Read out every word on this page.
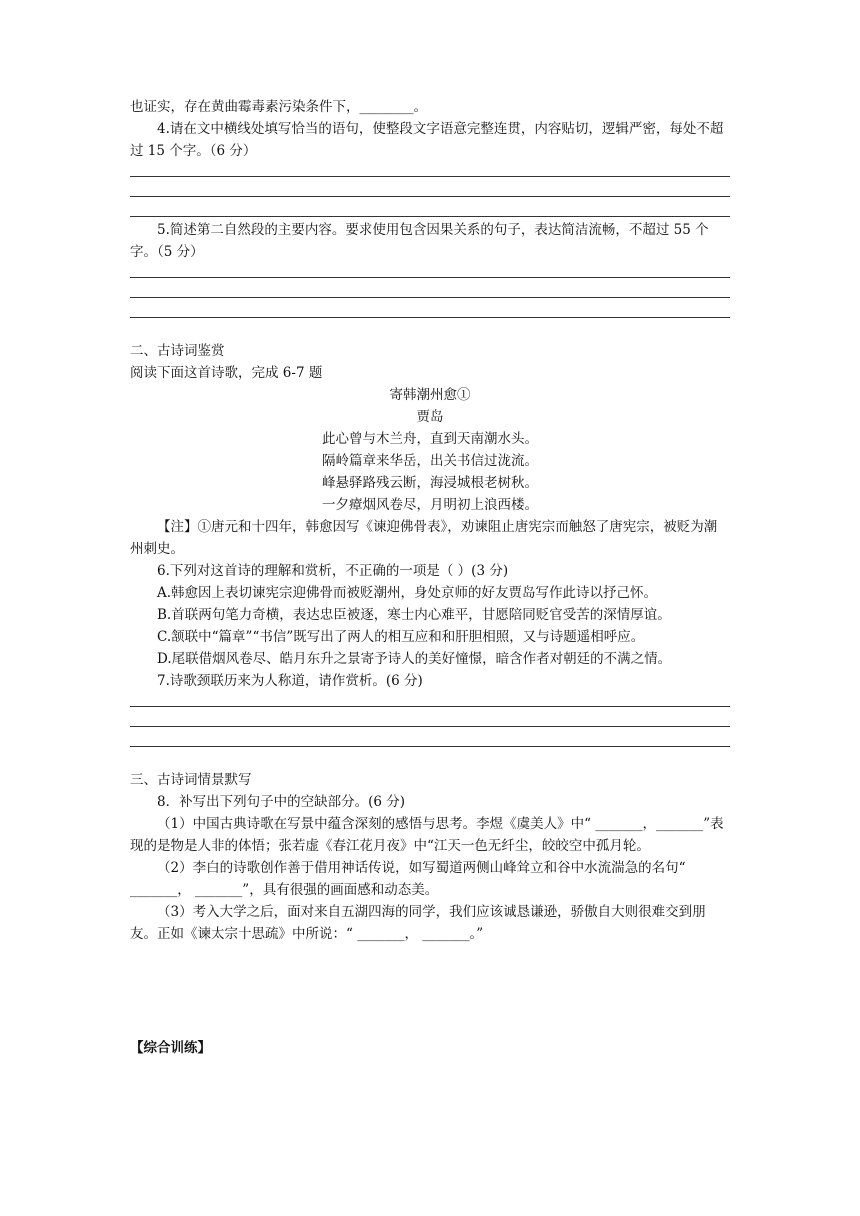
也证实，存在黄曲霉毒素污染条件下，________。

4.请在文中横线处填写恰当的语句，使整段文字语意完整连贯，内容贴切，逻辑严密，每处不超过 15 个字。（6 分）

5.简述第二自然段的主要内容。要求使用包含因果关系的句子，表达简洁流畅，不超过 55 个字。（5 分）

二、古诗词鉴赏

阅读下面这首诗歌，完成 6-7 题

寄韩潮州愈①

贾岛

此心曾与木兰舟，直到天南潮水头。

隔岭篇章来华岳，出关书信过泷流。

峰悬驿路残云断，海浸城根老树秋。

一夕瘴烟风卷尽，月明初上浪西楼。

【注】①唐元和十四年，韩愈因写《谏迎佛骨表》，劝谏阻止唐宪宗而触怒了唐宪宗，被贬为潮州刺史。

6.下列对这首诗的理解和赏析，不正确的一项是（ ）(3 分)

A.韩愈因上表切谏宪宗迎佛骨而被贬潮州，身处京师的好友贾岛写作此诗以抒己怀。

B.首联两句笔力奇横，表达忠臣被逐，寒士内心难平，甘愿陪同贬官受苦的深情厚谊。

C.颔联中“篇章”“书信”既写出了两人的相互应和和肝胆相照，又与诗题遥相呼应。

D.尾联借烟风卷尽、皓月东升之景寄予诗人的美好憧憬，暗含作者对朝廷的不满之情。

7.诗歌颈联历来为人称道，请作赏析。(6 分)

三、古诗词情景默写

8．补写出下列句子中的空缺部分。(6 分)

（1）中国古典诗歌在写景中蕴含深刻的感悟与思考。李煜《虞美人》中“ _______，_______”表现的是物是人非的体悟；张若虚《春江花月夜》中“江天一色无纤尘，皎皎空中孤月轮。

（2）李白的诗歌创作善于借用神话传说，如写蜀道两侧山峰耸立和谷中水流湍急的名句“ _______， _______”，具有很强的画面感和动态美。

（3）考入大学之后，面对来自五湖四海的同学，我们应该诚恳谦逊，骄傲自大则很难交到朋友。正如《谏太宗十思疏》中所说：“ _______， _______。”

【综合训练】
